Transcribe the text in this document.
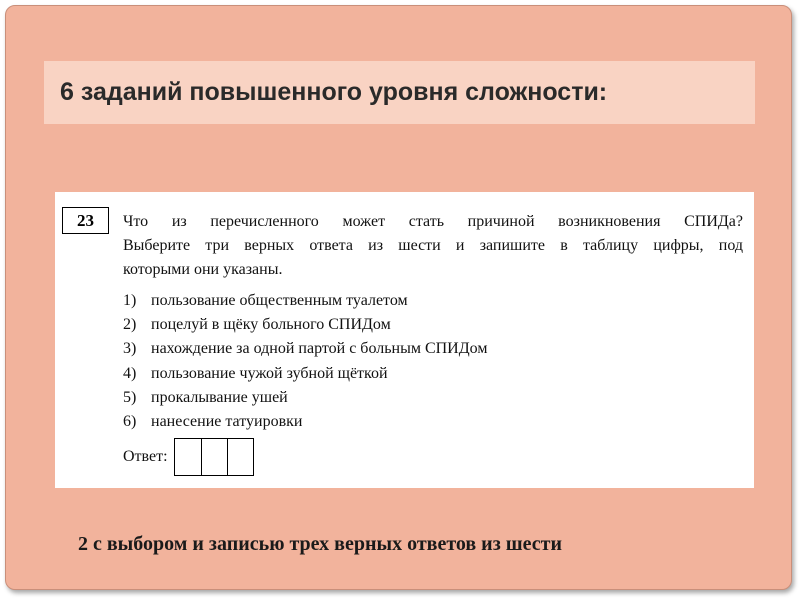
6 заданий повышенного уровня сложности:
23	Что из перечисленного может стать причиной возникновения СПИДа?
Выберите три верных ответа из шести и запишите в таблицу цифры, под
которыми они указаны.
1) пользование общественным туалетом
2) поцелуй в щёку больного СПИДом
3) нахождение за одной партой с больным СПИДом
4) пользование чужой зубной щёткой
5) прокалывание ушей
6) нанесение татуировки
Ответ:
2 с выбором и записью трех верных ответов из шести
